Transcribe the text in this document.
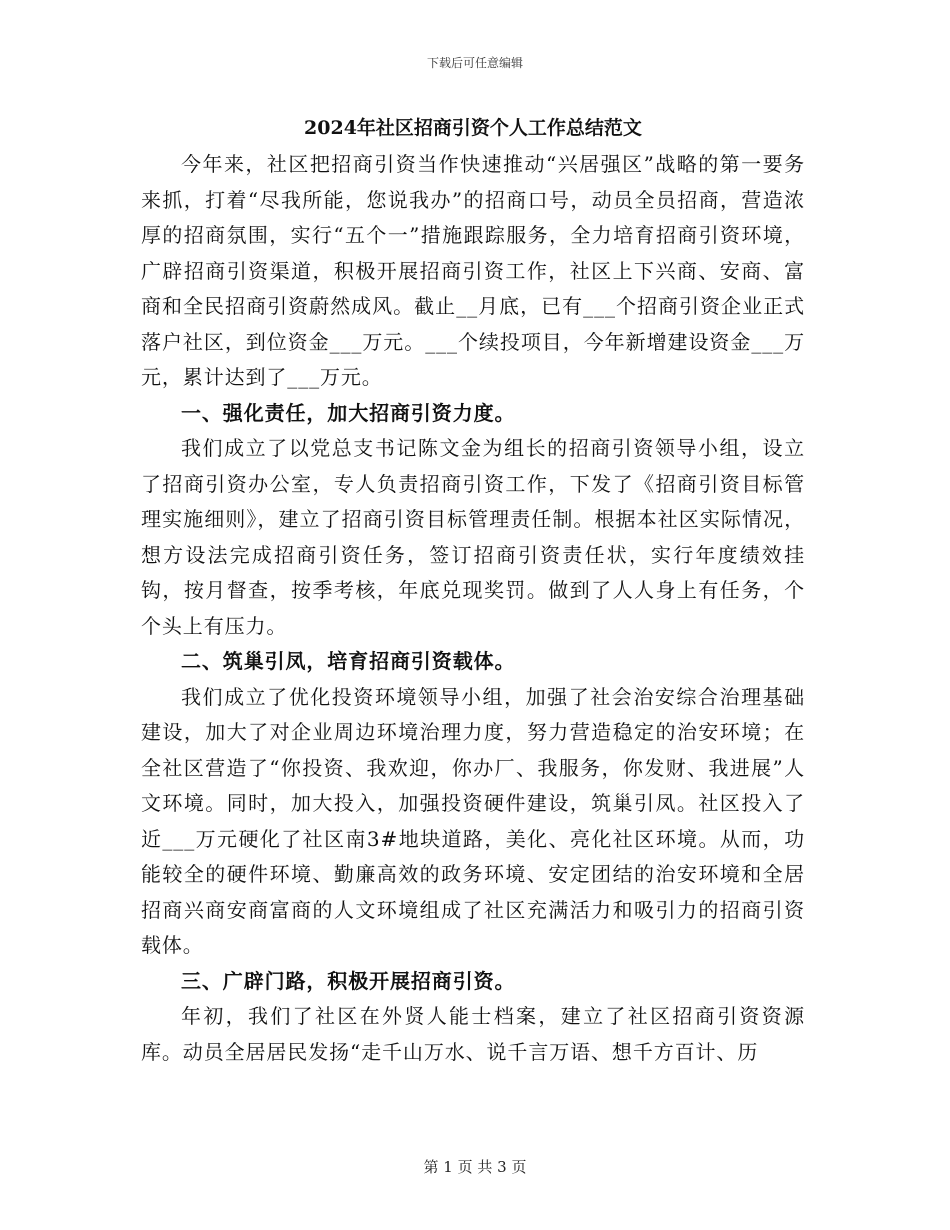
下载后可任意编辑
2024年社区招商引资个人工作总结范文

今年来，社区把招商引资当作快速推动“兴居强区”战略的第一要务来抓，打着“尽我所能，您说我办”的招商口号，动员全员招商，营造浓厚的招商氛围，实行“五个一”措施跟踪服务，全力培育招商引资环境，广辟招商引资渠道，积极开展招商引资工作，社区上下兴商、安商、富商和全民招商引资蔚然成风。截止__月底，已有___个招商引资企业正式落户社区，到位资金___万元。___个续投项目，今年新增建设资金___万元，累计达到了___万元。

一、强化责任，加大招商引资力度。

我们成立了以党总支书记陈文金为组长的招商引资领导小组，设立了招商引资办公室，专人负责招商引资工作，下发了《招商引资目标管理实施细则》，建立了招商引资目标管理责任制。根据本社区实际情况，想方设法完成招商引资任务，签订招商引资责任状，实行年度绩效挂钩，按月督查，按季考核，年底兑现奖罚。做到了人人身上有任务，个个头上有压力。

二、筑巢引凤，培育招商引资载体。

我们成立了优化投资环境领导小组，加强了社会治安综合治理基础建设，加大了对企业周边环境治理力度，努力营造稳定的治安环境；在全社区营造了“你投资、我欢迎，你办厂、我服务，你发财、我进展”人文环境。同时，加大投入，加强投资硬件建设，筑巢引凤。社区投入了近___万元硬化了社区南3#地块道路，美化、亮化社区环境。从而，功能较全的硬件环境、勤廉高效的政务环境、安定团结的治安环境和全居招商兴商安商富商的人文环境组成了社区充满活力和吸引力的招商引资载体。

三、广辟门路，积极开展招商引资。

年初，我们了社区在外贤人能士档案，建立了社区招商引资资源库。动员全居居民发扬“走千山万水、说千言万语、想千方百计、历

第 1 页 共 3 页
